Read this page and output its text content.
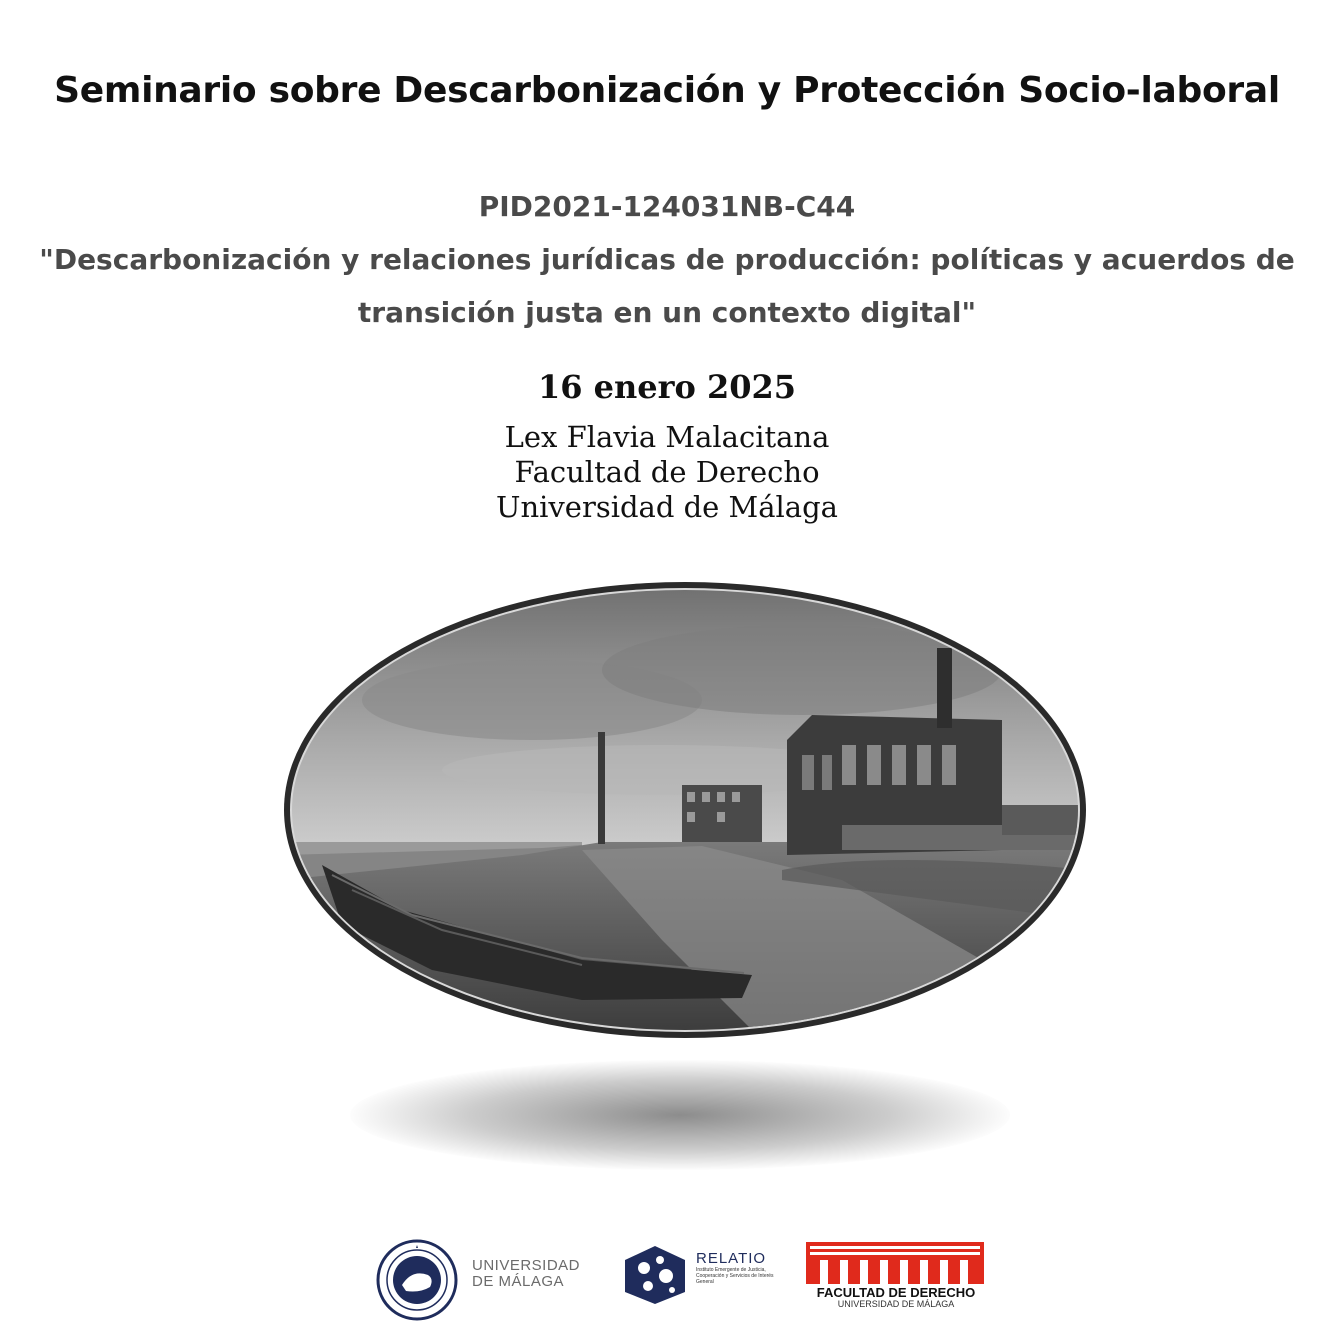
Seminario sobre Descarbonización y Protección Socio-laboral
PID2021-124031NB-C44
"Descarbonización y relaciones jurídicas de producción: políticas y acuerdos de
transición justa en un contexto digital"
16 enero 2025
Lex Flavia Malacitana
Facultad de Derecho
Universidad de Málaga
UNIVERSIDAD
DE MÁLAGA
RELATIO
Instituto Emergente de Justicia, Cooperación y Servicios de Interés General
FACULTAD DE DERECHO
UNIVERSIDAD DE MÁLAGA
